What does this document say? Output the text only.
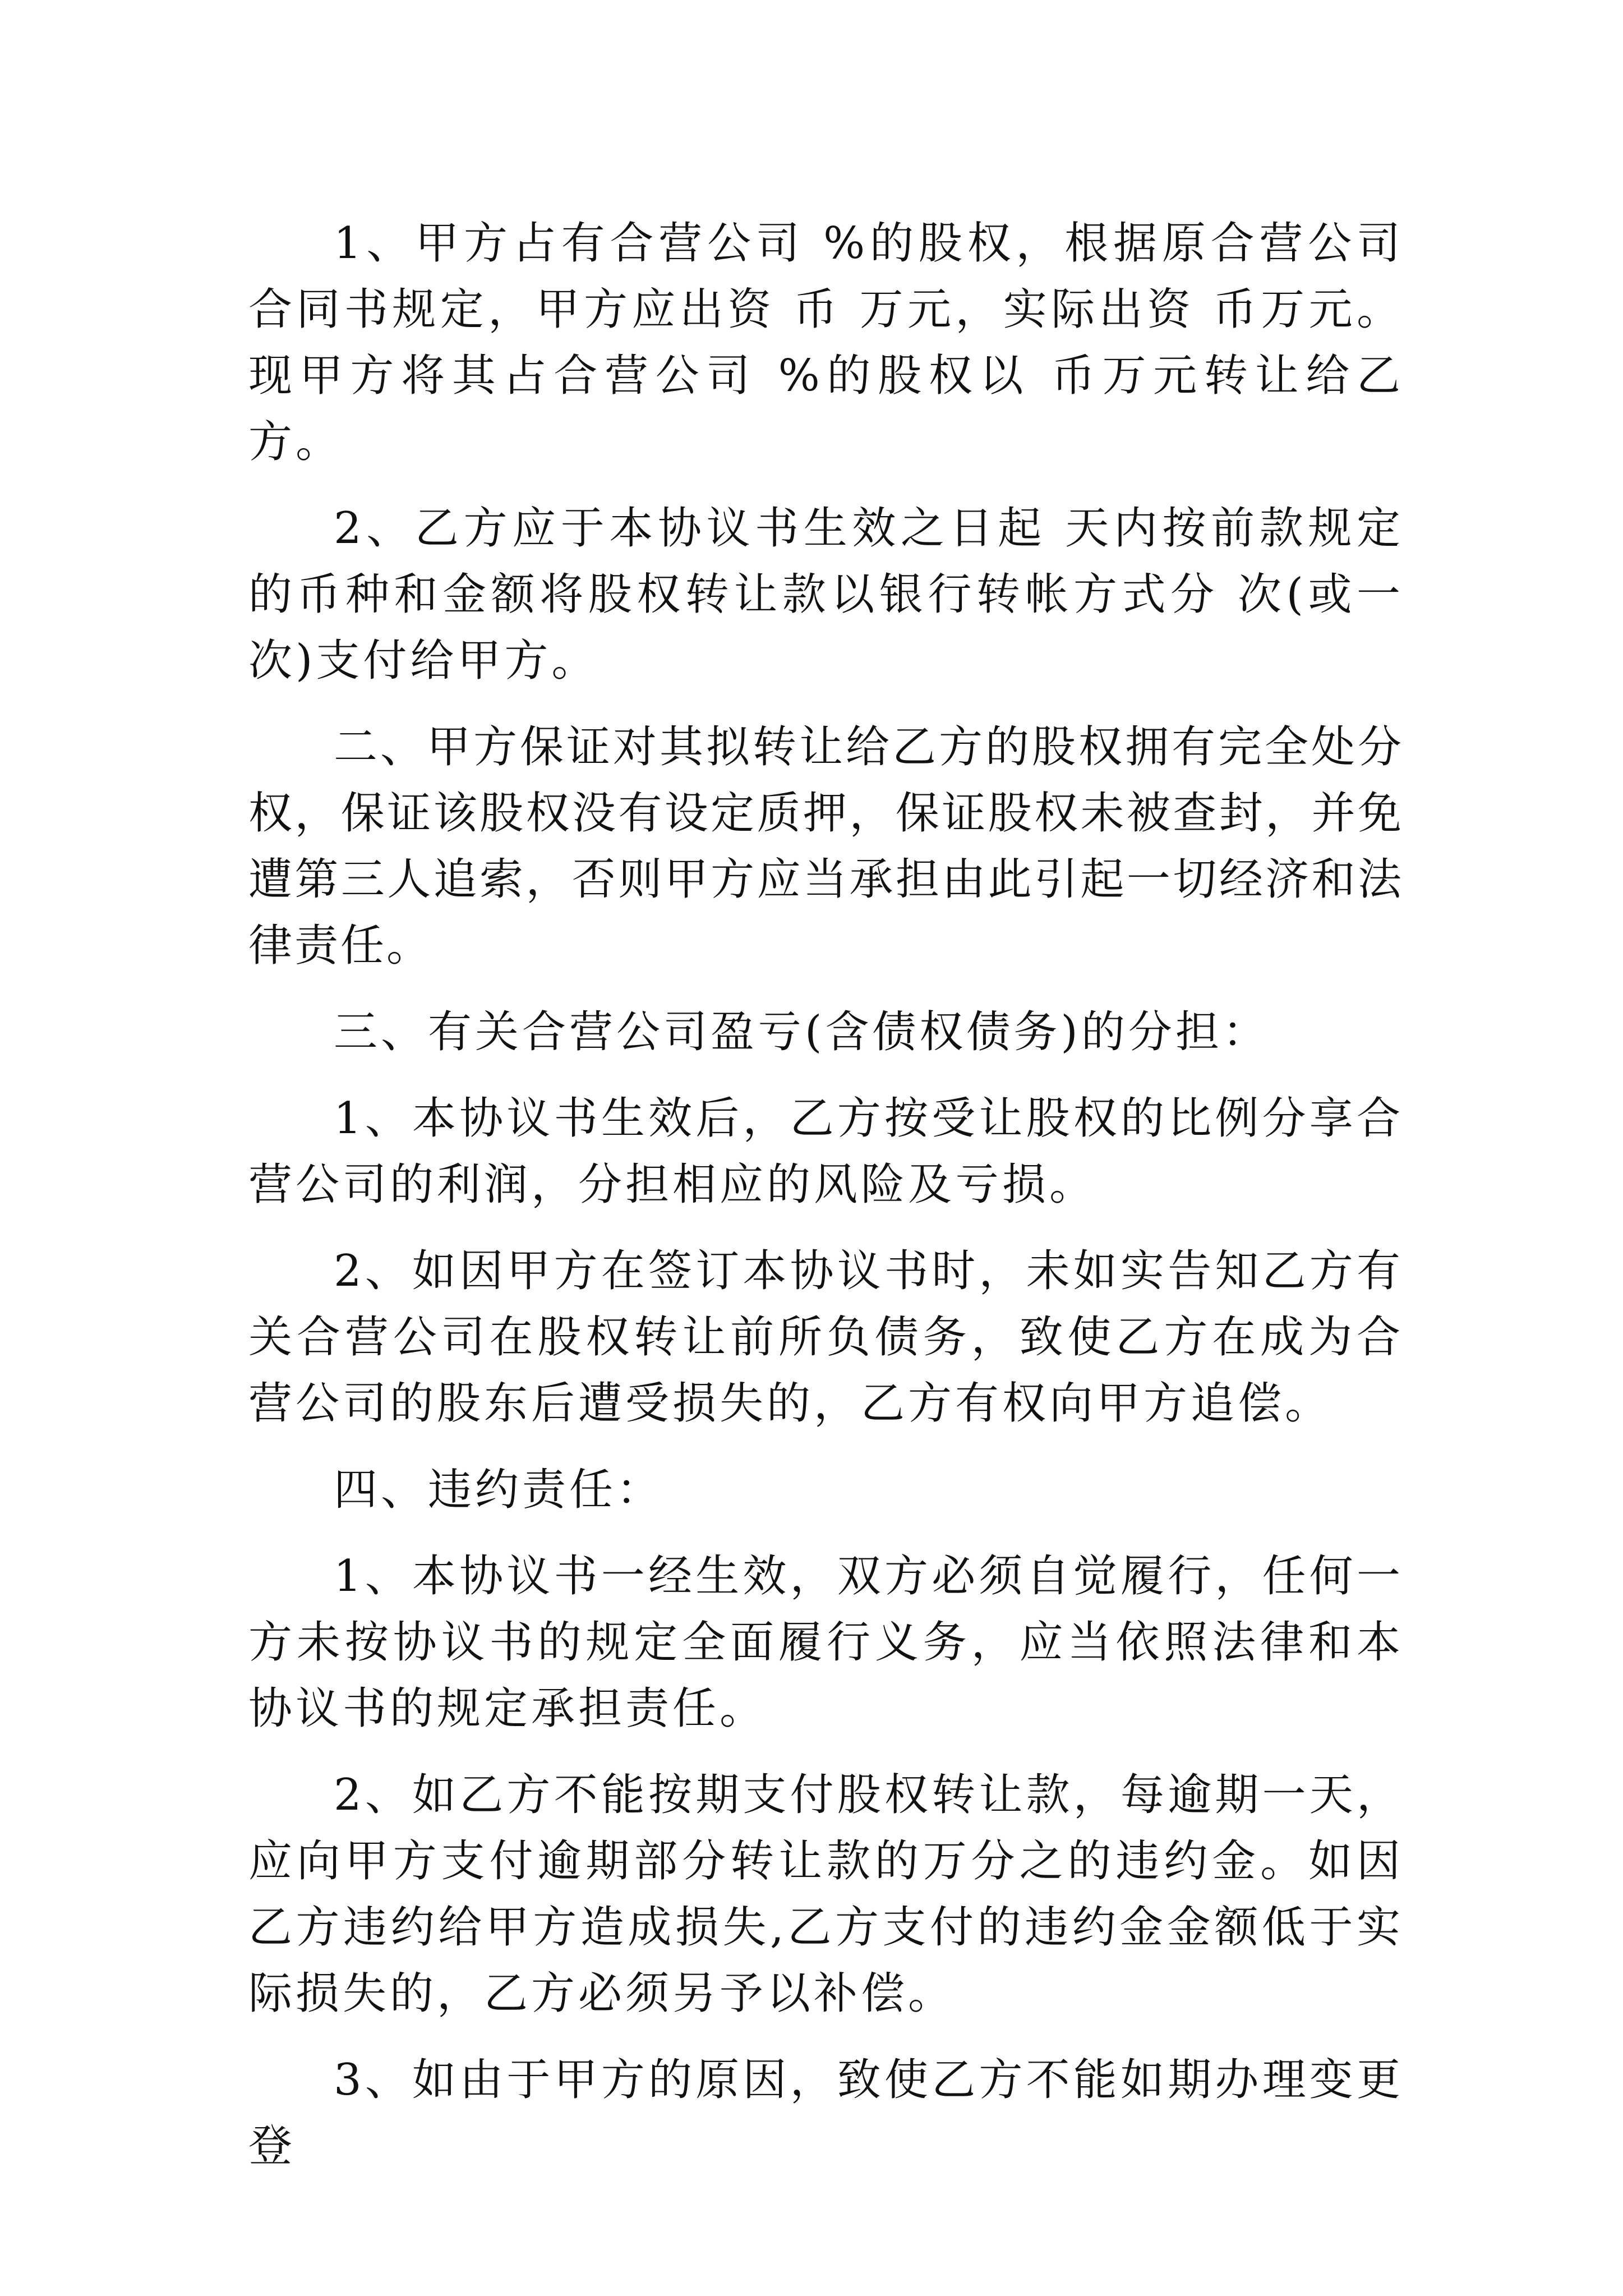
1、甲方占有合营公司 %的股权，根据原合营公司合同书规定，甲方应出资 币 万元，实际出资 币万元。现甲方将其占合营公司 %的股权以 币万元转让给乙方。

2、乙方应于本协议书生效之日起 天内按前款规定的币种和金额将股权转让款以银行转帐方式分 次(或一次)支付给甲方。

二、甲方保证对其拟转让给乙方的股权拥有完全处分权，保证该股权没有设定质押，保证股权未被查封，并免遭第三人追索，否则甲方应当承担由此引起一切经济和法律责任。

三、有关合营公司盈亏(含债权债务)的分担：

1、本协议书生效后，乙方按受让股权的比例分享合营公司的利润，分担相应的风险及亏损。

2、如因甲方在签订本协议书时，未如实告知乙方有关合营公司在股权转让前所负债务，致使乙方在成为合营公司的股东后遭受损失的，乙方有权向甲方追偿。

四、违约责任：

1、本协议书一经生效，双方必须自觉履行，任何一方未按协议书的规定全面履行义务，应当依照法律和本协议书的规定承担责任。

2、如乙方不能按期支付股权转让款，每逾期一天，应向甲方支付逾期部分转让款的万分之的违约金。如因乙方违约给甲方造成损失,乙方支付的违约金金额低于实际损失的，乙方必须另予以补偿。

3、如由于甲方的原因，致使乙方不能如期办理变更登
